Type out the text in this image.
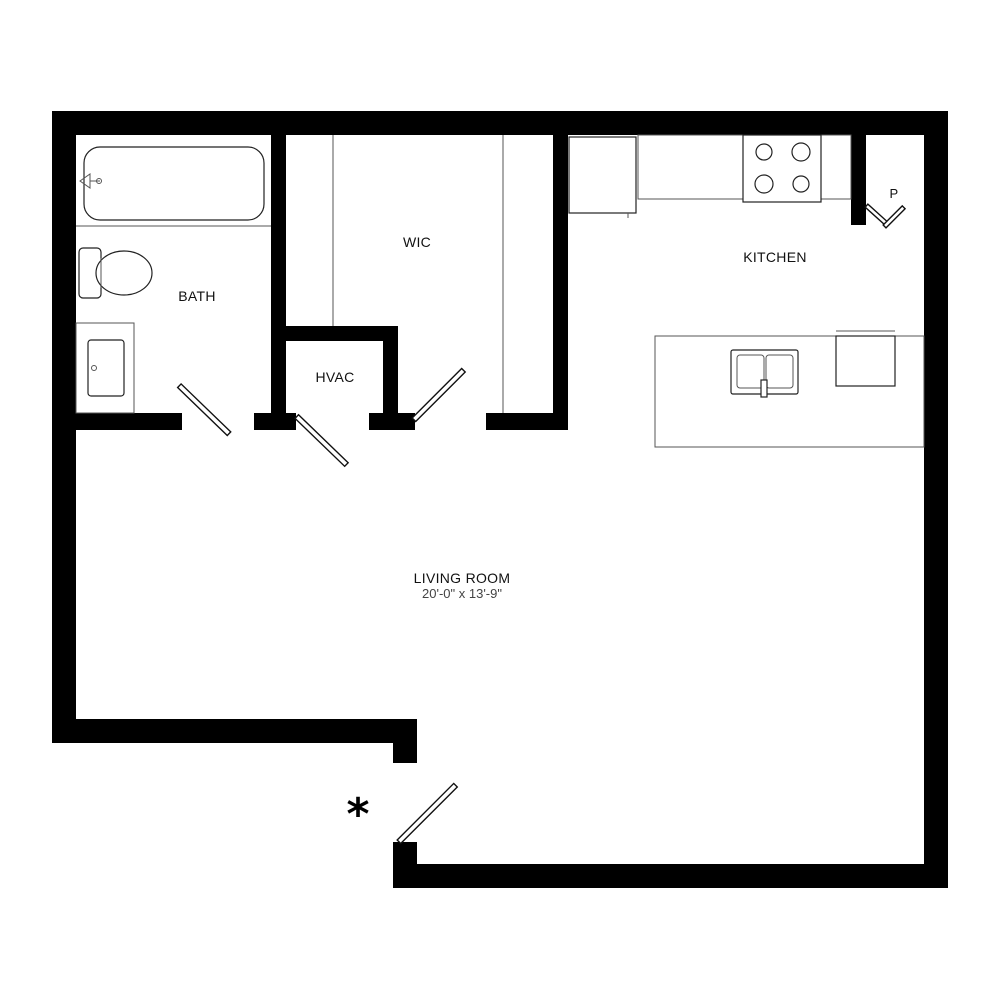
BATH
WIC
HVAC
KITCHEN
P
LIVING ROOM
20'-0" x 13'-9"
*
